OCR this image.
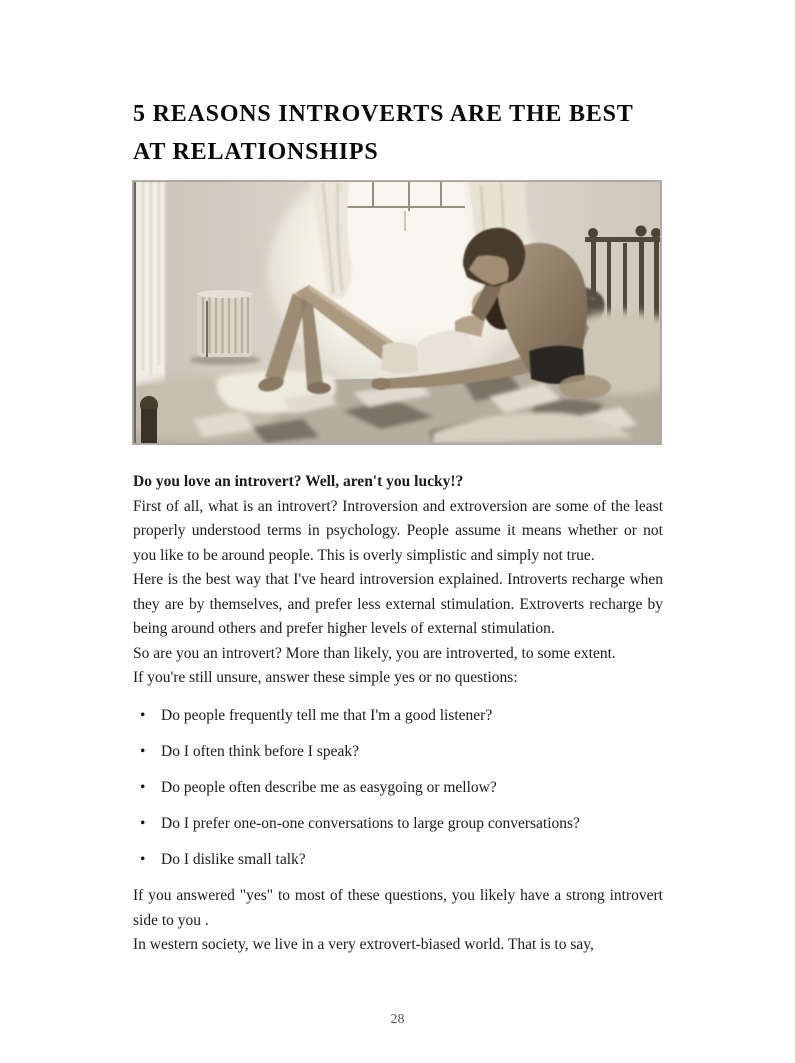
5 REASONS INTROVERTS ARE THE BEST
AT RELATIONSHIPS

Do you love an introvert? Well, aren't you lucky!?

First of all, what is an introvert? Introversion and extroversion are some of the least properly understood terms in psychology. People assume it means whether or not you like to be around people. This is overly simplistic and simply not true.

Here is the best way that I've heard introversion explained. Introverts recharge when they are by themselves, and prefer less external stimulation. Extroverts recharge by being around others and prefer higher levels of external stimulation.

So are you an introvert? More than likely, you are introverted, to some extent.

If you're still unsure, answer these simple yes or no questions:

• Do people frequently tell me that I'm a good listener?
• Do I often think before I speak?
• Do people often describe me as easygoing or mellow?
• Do I prefer one-on-one conversations to large group conversations?
• Do I dislike small talk?

If you answered "yes" to most of these questions, you likely have a strong introvert side to you .

In western society, we live in a very extrovert-biased world. That is to say,

28
